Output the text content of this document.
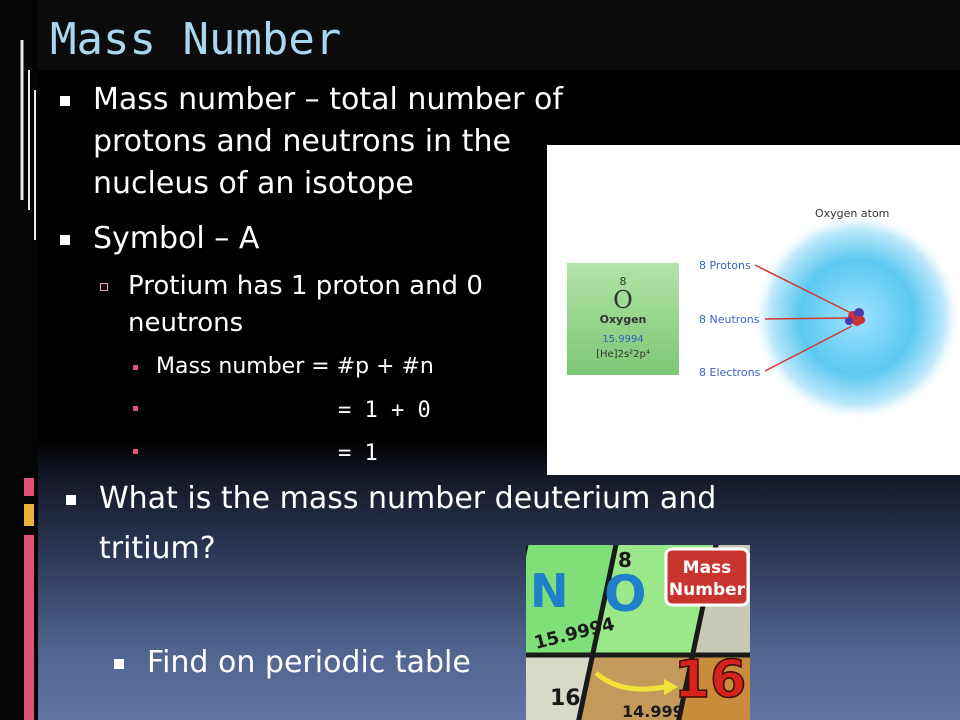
Mass Number
Mass number – total number of
protons and neutrons in the
nucleus of an isotope
Symbol – A
Protium has 1 proton and 0
neutrons
Mass number = #p + #n
= 1 + 0
= 1
What is the mass number deuterium and
tritium?
Find on periodic table
8
O
Oxygen
15.9994
[He]2s²2p⁴
Oxygen atom
8 Protons
8 Neutrons
8 Electrons
N O
8
15.9994
16
14.999
Mass
Number
16
